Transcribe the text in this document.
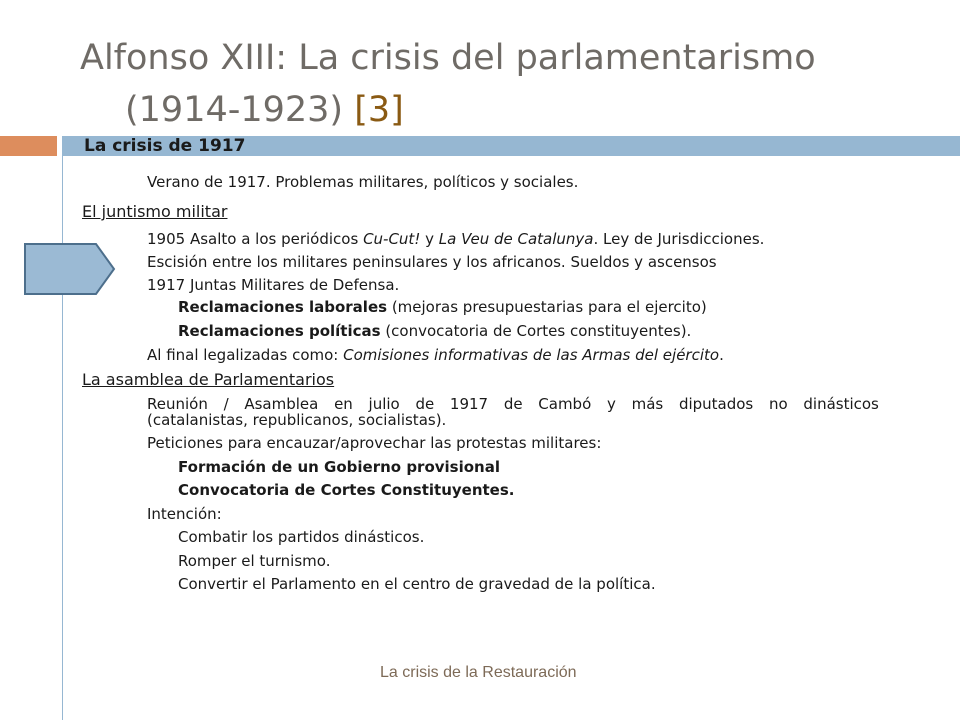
Alfonso XIII: La crisis del parlamentarismo
(1914-1923) [3]
La crisis de 1917
Verano de 1917. Problemas militares, políticos y sociales.
El juntismo militar
1905 Asalto a los periódicos Cu-Cut! y La Veu de Catalunya. Ley de Jurisdicciones.
Escisión entre los militares peninsulares y los africanos. Sueldos y ascensos
1917 Juntas Militares de Defensa.
Reclamaciones laborales (mejoras presupuestarias para el ejercito)
Reclamaciones políticas (convocatoria de Cortes constituyentes).
Al final legalizadas como: Comisiones informativas de las Armas del ejército.
La asamblea de Parlamentarios
Reunión / Asamblea en julio de 1917 de Cambó y más diputados no dinásticos
(catalanistas, republicanos, socialistas).
Peticiones para encauzar/aprovechar las protestas militares:
Formación de un Gobierno provisional
Convocatoria de Cortes Constituyentes.
Intención:
Combatir los partidos dinásticos.
Romper el turnismo.
Convertir el Parlamento en el centro de gravedad de la política.
La crisis de la Restauración
